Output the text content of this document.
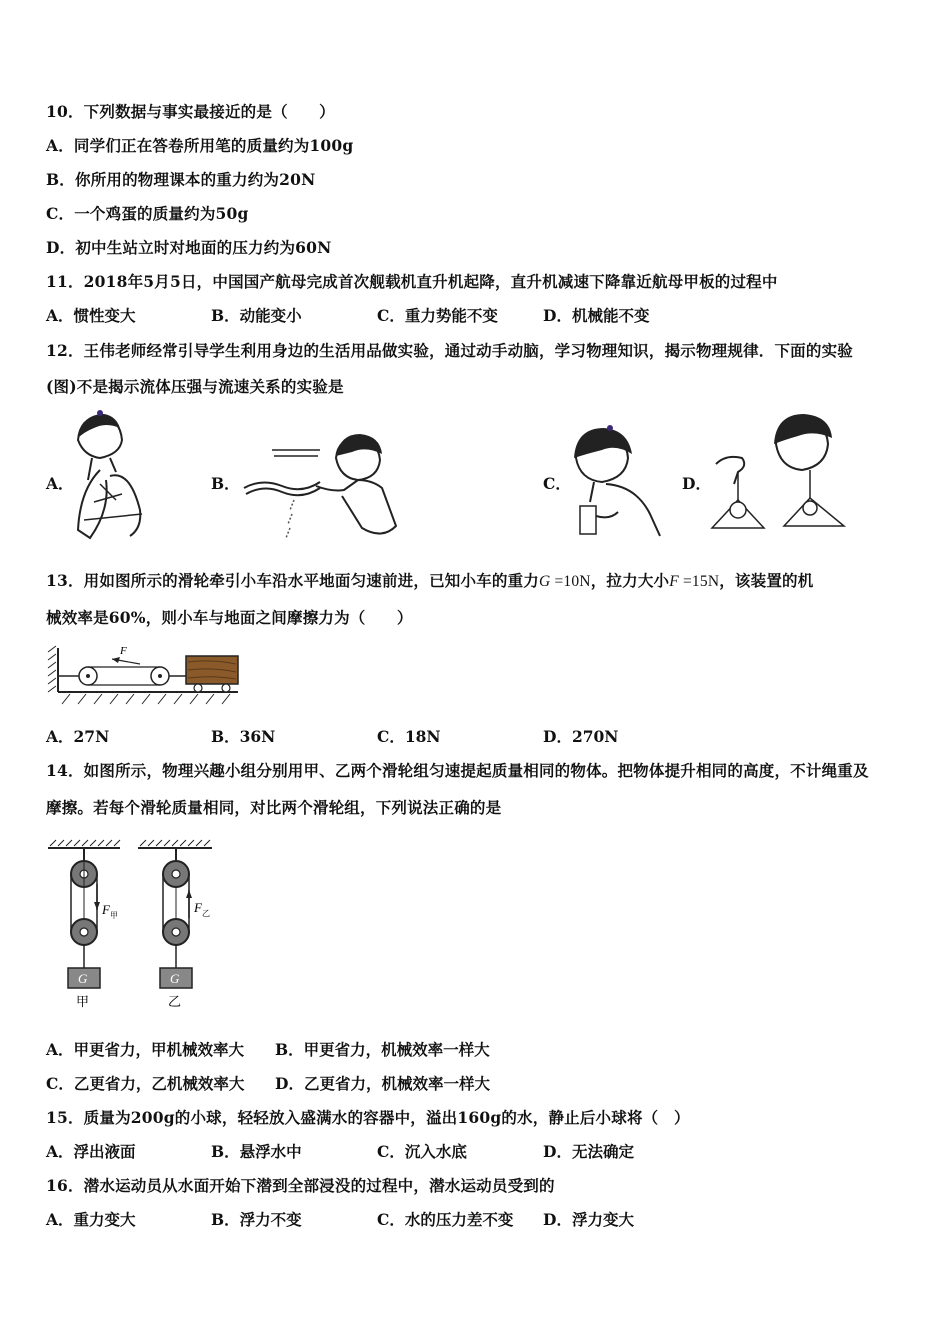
10．下列数据与事实最接近的是（　　）
A．同学们正在答卷所用笔的质量约为100g
B．你所用的物理课本的重力约为20N
C．一个鸡蛋的质量约为50g
D．初中生站立时对地面的压力约为60N
11．2018年5月5日，中国国产航母完成首次舰载机直升机起降，直升机减速下降靠近航母甲板的过程中
A．惯性变大	B．动能变小	C．重力势能不变	D．机械能不变
12．王伟老师经常引导学生利用身边的生活用品做实验，通过动手动脑，学习物理知识，揭示物理规律．下面的实验
(图)不是揭示流体压强与流速关系的实验是
A．	B．	C．	D．
13．用如图所示的滑轮牵引小车沿水平地面匀速前进，已知小车的重力G =10N，拉力大小F =15N，该装置的机
械效率是60%，则小车与地面之间摩擦力为（　　）
F
A．27N	B．36N	C．18N	D．270N
14．如图所示，物理兴趣小组分别用甲、乙两个滑轮组匀速提起质量相同的物体。把物体提升相同的高度，不计绳重及
摩擦。若每个滑轮质量相同，对比两个滑轮组，下列说法正确的是
F 甲
G
甲
F 乙
G
乙
A．甲更省力，甲机械效率大 B．甲更省力，机械效率一样大
C．乙更省力，乙机械效率大 D．乙更省力，机械效率一样大
15．质量为200g的小球，轻轻放入盛满水的容器中，溢出160g的水，静止后小球将（　）
A．浮出液面	B．悬浮水中	C．沉入水底	D．无法确定
16．潜水运动员从水面开始下潜到全部浸没的过程中，潜水运动员受到的
A．重力变大	B．浮力不变	C．水的压力差不变 D．浮力变大
